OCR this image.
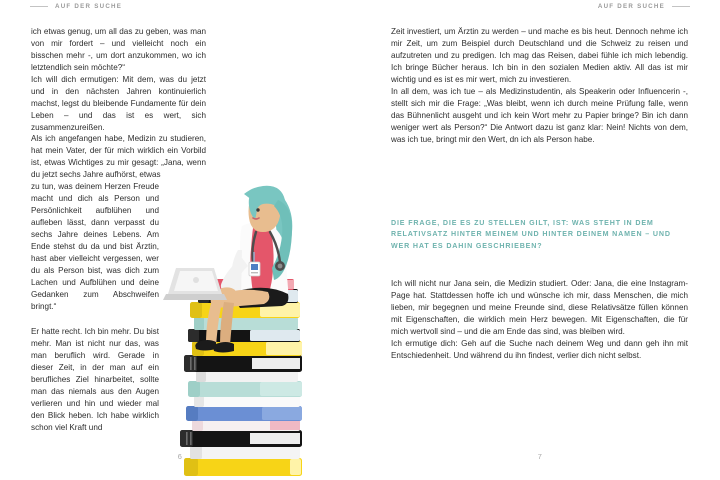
AUF DER SUCHE

ich etwas genug, um all das zu geben, was man von mir fordert – und vielleicht noch ein bisschen mehr -, um dort anzukommen, wo ich letztendlich sein möchte?“

Ich will dich ermutigen: Mit dem, was du jetzt und in den nächsten Jahren kontinuierlich machst, legst du bleibende Fundamente für dein Leben – und das ist es wert, sich zusammenzureißen.

Als ich angefangen habe, Medizin zu studieren, hat mein Vater, der für mich wirklich ein Vorbild ist, etwas Wichtiges zu mir gesagt: „Jana, wenn du jetzt sechs Jahre aufhörst, etwas

zu tun, was deinem Herzen Freude macht und dich als Person und Persönlichkeit aufblühen und aufleben lässt, dann verpasst du sechs Jahre deines Lebens. Am Ende stehst du da und bist Ärztin, hast aber vielleicht vergessen, wer du als Person bist, was dich zum Lachen und Aufblühen und deine Gedanken zum Abschweifen bringt.“

Er hatte recht. Ich bin mehr. Du bist mehr. Man ist nicht nur das, was man beruflich wird. Gerade in dieser Zeit, in der man auf ein berufliches Ziel hinarbeitet, sollte man das niemals aus den Augen verlieren und hin und wieder mal den Blick heben. Ich habe wirklich schon viel Kraft und

6
AUF DER SUCHE

Zeit investiert, um Ärztin zu werden – und mache es bis heut. Dennoch nehme ich mir Zeit, um zum Beispiel durch Deutschland und die Schweiz zu reisen und aufzutreten und zu predigen. Ich mag das Reisen, dabei fühle ich mich lebendig. Ich bringe Bücher heraus. Ich bin in den sozialen Medien aktiv. All das ist mir wichtig und es ist es mir wert, mich zu investieren.

In all dem, was ich tue – als Medizinstudentin, als Speakerin oder Influencerin -, stellt sich mir die Frage: „Was bleibt, wenn ich durch meine Prüfung falle, wenn das Bühnenlicht ausgeht und ich kein Wort mehr zu Papier bringe? Bin ich dann weniger wert als Person?“ Die Antwort dazu ist ganz klar: Nein! Nichts von dem, was ich tue, bringt mir den Wert, dn ich als Person habe.

DIE FRAGE, DIE ES ZU STELLEN GILT, IST: WAS STEHT IN DEM RELATIVSATZ HINTER MEINEM UND HINTER DEINEM NAMEN – UND WER HAT ES DAHIN GESCHRIEBEN?

Ich will nicht nur Jana sein, die Medizin studiert. Oder: Jana, die eine Instagram-Page hat. Stattdessen hoffe ich und wünsche ich mir, dass Menschen, die mich lieben, mir begegnen und meine Freunde sind, diese Relativsätze füllen können mit Eigenschaften, die wirklich mein Herz bewegen. Mit Eigenschaften, die für mich wertvoll sind – und die am Ende das sind, was bleiben wird.

Ich ermutige dich: Geh auf die Suche nach deinem Weg und dann geh ihn mit Entschiedenheit. Und während du ihn findest, verlier dich nicht selbst.

7
